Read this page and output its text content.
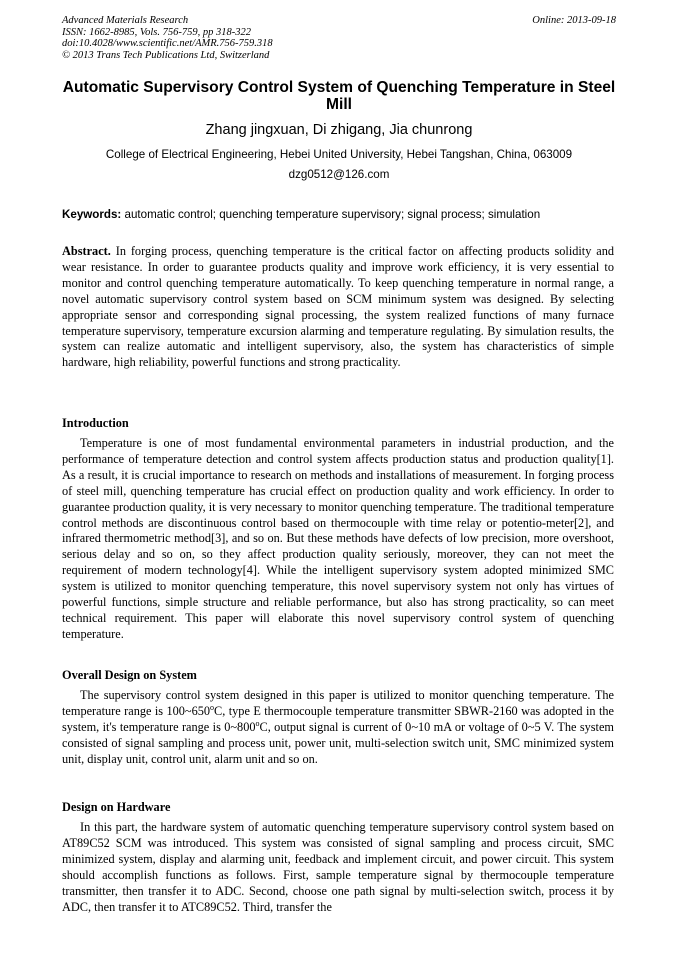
Advanced Materials Research
ISSN: 1662-8985, Vols. 756-759, pp 318-322
doi:10.4028/www.scientific.net/AMR.756-759.318
© 2013 Trans Tech Publications Ltd, Switzerland
Online: 2013-09-18
Automatic Supervisory Control System of Quenching Temperature in Steel Mill
Zhang jingxuan, Di zhigang, Jia chunrong
College of Electrical Engineering, Hebei United University, Hebei Tangshan, China, 063009
dzg0512@126.com
Keywords: automatic control; quenching temperature supervisory; signal process; simulation

Abstract. In forging process, quenching temperature is the critical factor on affecting products solidity and wear resistance. In order to guarantee products quality and improve work efficiency, it is very essential to monitor and control quenching temperature automatically. To keep quenching temperature in normal range, a novel automatic supervisory control system based on SCM minimum system was designed. By selecting appropriate sensor and corresponding signal processing, the system realized functions of many furnace temperature supervisory, temperature excursion alarming and temperature regulating. By simulation results, the system can realize automatic and intelligent supervisory, also, the system has characteristics of simple hardware, high reliability, powerful functions and strong practicality.

Introduction

Temperature is one of most fundamental environmental parameters in industrial production, and the performance of temperature detection and control system affects production status and production quality[1]. As a result, it is crucial importance to research on methods and installations of measurement. In forging process of steel mill, quenching temperature has crucial effect on production quality and work efficiency. In order to guarantee production quality, it is very necessary to monitor quenching temperature. The traditional temperature control methods are discontinuous control based on thermocouple with time relay or potentio-meter[2], and infrared thermometric method[3], and so on. But these methods have defects of low precision, more overshoot, serious delay and so on, so they affect production quality seriously, moreover, they can not meet the requirement of modern technology[4]. While the intelligent supervisory system adopted minimized SMC system is utilized to monitor quenching temperature, this novel supervisory system not only has virtues of powerful functions, simple structure and reliable performance, but also has strong practicality, so can meet technical requirement. This paper will elaborate this novel supervisory control system of quenching temperature.

Overall Design on System

The supervisory control system designed in this paper is utilized to monitor quenching temperature. The temperature range is 100~650$^o$C, type E thermocouple temperature transmitter SBWR-2160 was adopted in the system, it's temperature range is 0~800$^o$C, output signal is current of 0~10 mA or voltage of 0~5 V. The system consisted of signal sampling and process unit, power unit, multi-selection switch unit, SMC minimized system unit, display unit, control unit, alarm unit and so on.

Design on Hardware

In this part, the hardware system of automatic quenching temperature supervisory control system based on AT89C52 SCM was introduced. This system was consisted of signal sampling and process circuit, SMC minimized system, display and alarming unit, feedback and implement circuit, and power circuit. This system should accomplish functions as follows. First, sample temperature signal by thermocouple temperature transmitter, then transfer it to ADC. Second, choose one path signal by multi-selection switch, process it by ADC, then transfer it to ATC89C52. Third, transfer the
